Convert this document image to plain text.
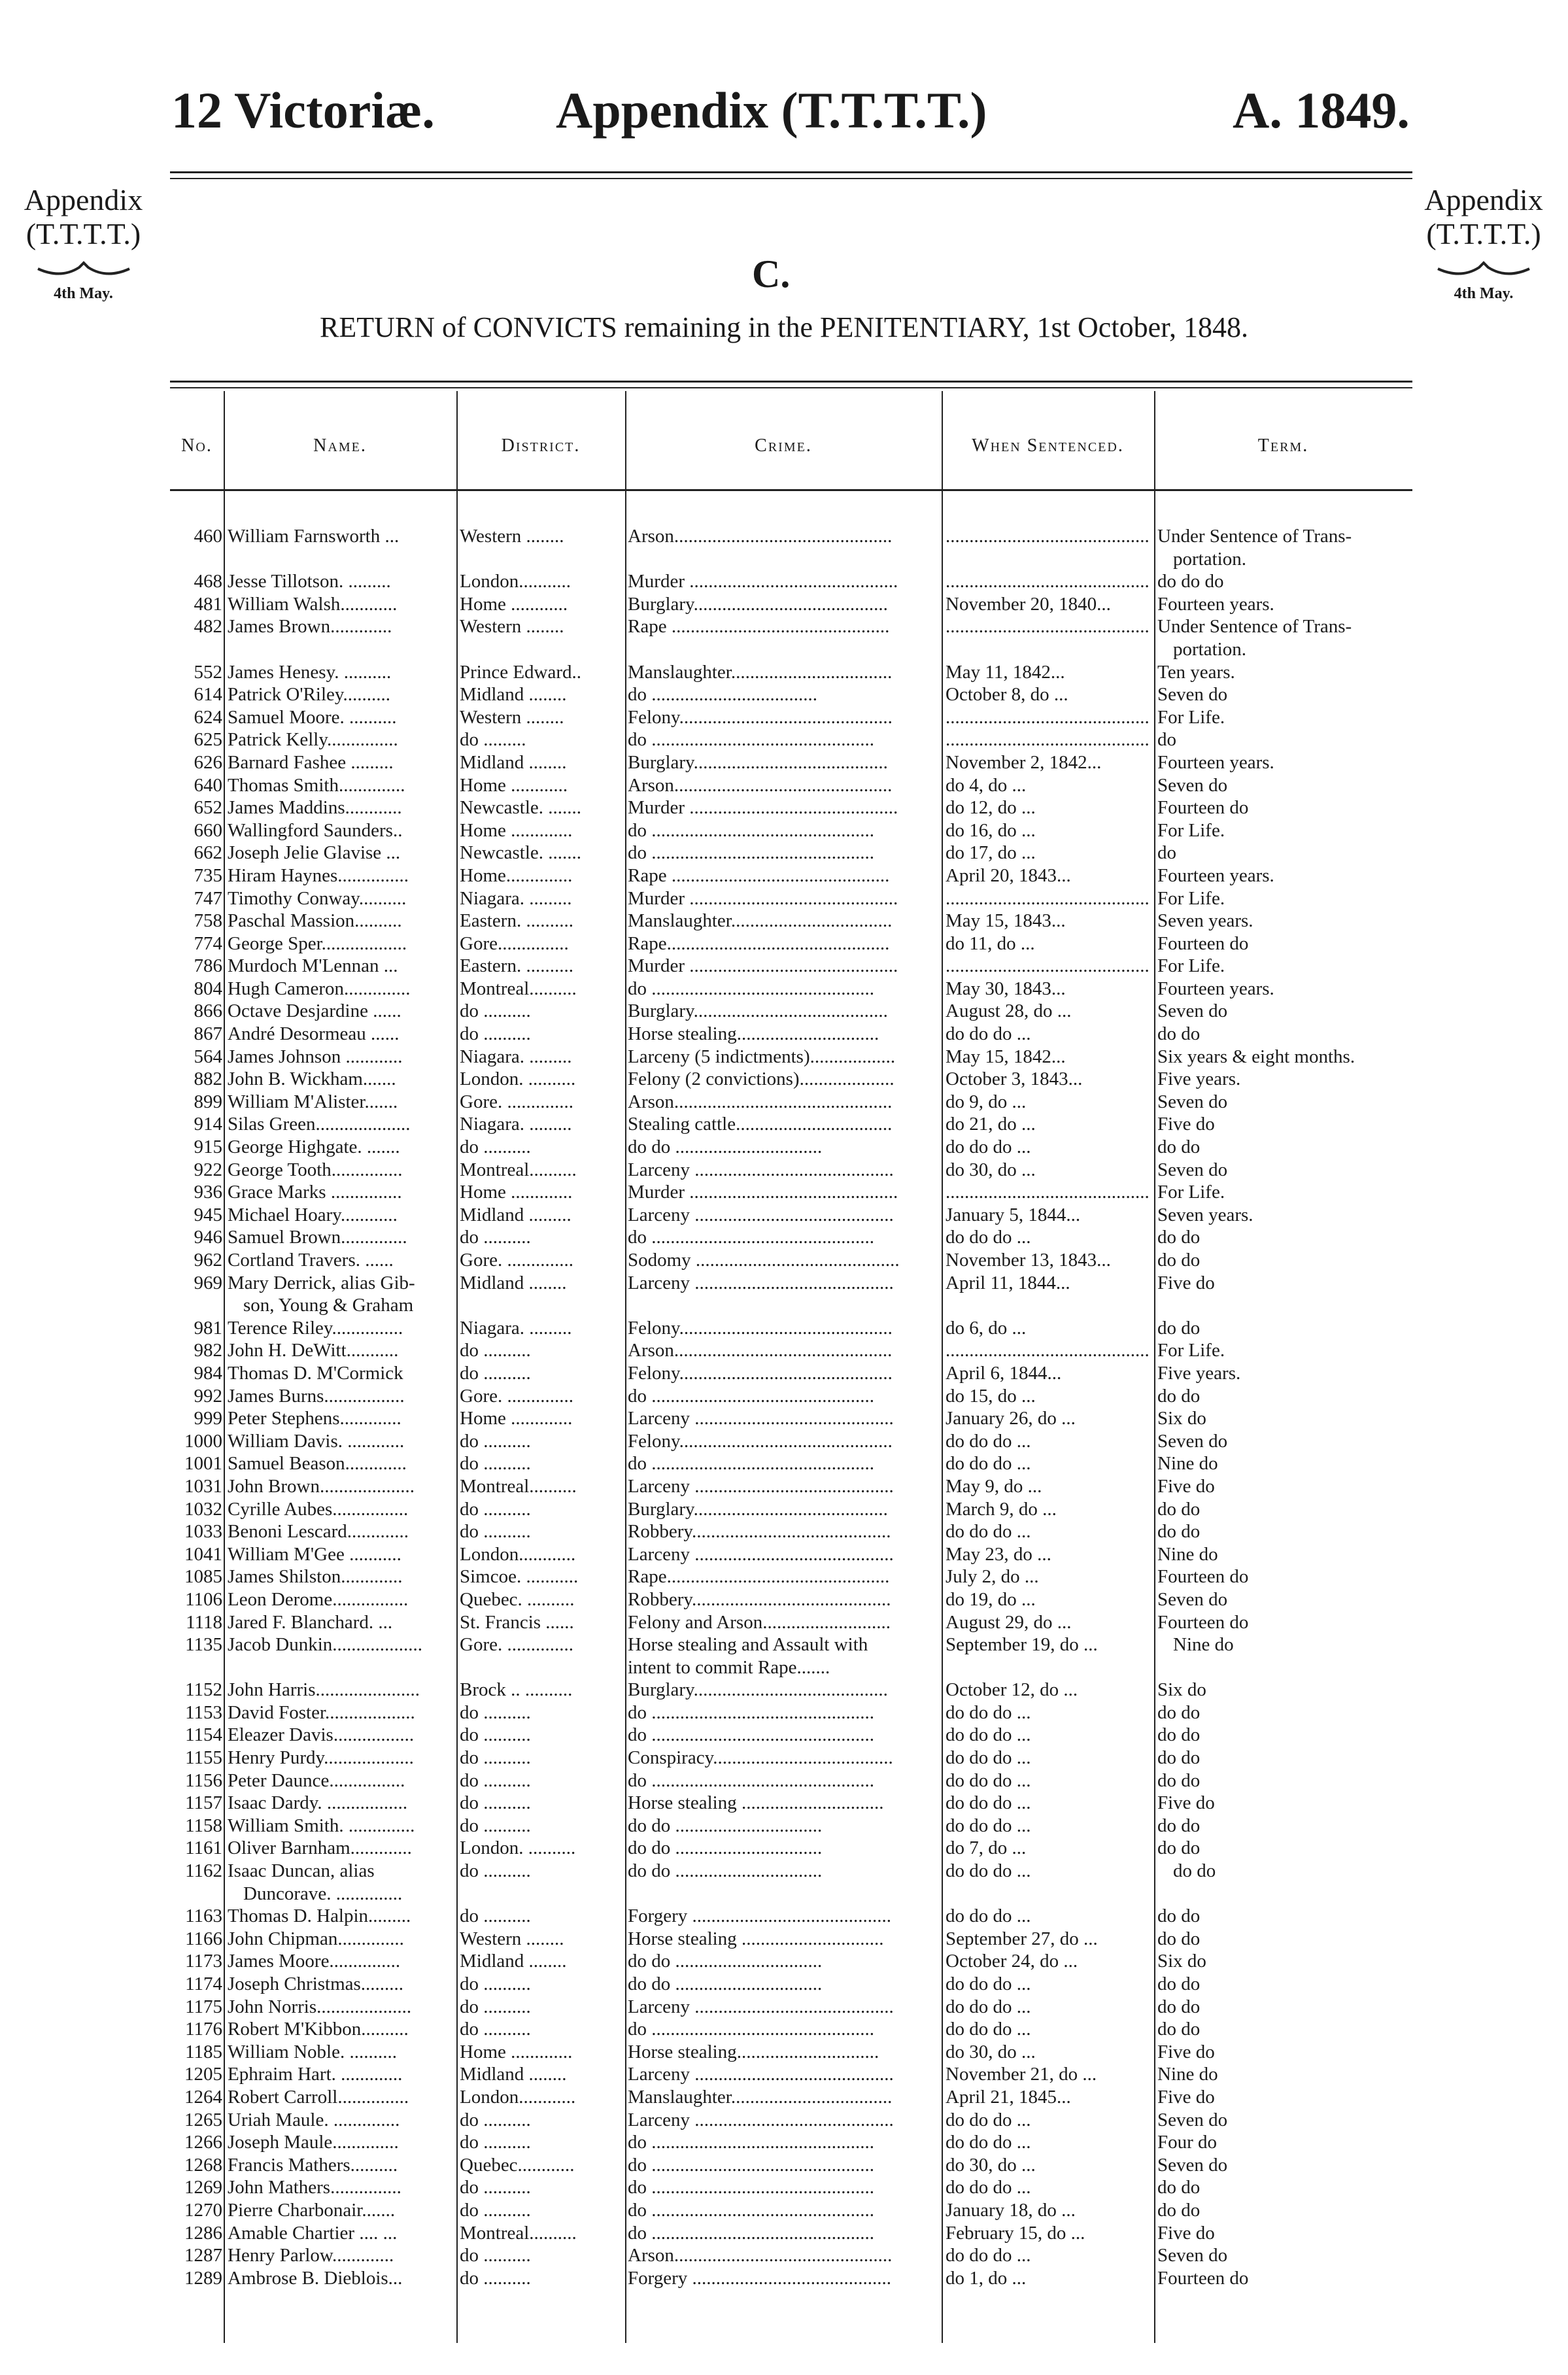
12 Victoriæ. Appendix (T.T.T.T.)	A. 1849.
Appendix
(T.T.T.T.)
4th May.
Appendix
(T.T.T.T.)
4th May.
C.
RETURN of CONVICTS remaining in the PENITENTIARY, 1st October, 1848.
No.	Name.	District.	Crime.	When Sentenced.	Term.
460 William Farnsworth ...	Western ........	Arson..............................................	........................................... Under Sentence of Trans-
portation.
468 Jesse Tillotson. .........	London...........	Murder ............................................	........................................... do do do
481 William Walsh............	Home ............	Burglary.........................................	November 20, 1840...	Fourteen years.
482 James Brown.............	Western ........	Rape ..............................................	........................................... Under Sentence of Trans-
portation.
552 James Henesy. ..........	Prince Edward..	Manslaughter..................................	May 11, 1842...	Ten years.
614 Patrick O'Riley..........	Midland ........	do ...................................	October 8, do ...	Seven do
624 Samuel Moore. ..........	Western ........	Felony.............................................	........................................... For Life.
625 Patrick Kelly...............	do .........	do ...............................................	........................................... do
626 Barnard Fashee .........	Midland ........	Burglary.........................................	November 2, 1842...	Fourteen years.
640 Thomas Smith..............	Home ............	Arson..............................................	do 4, do ...	Seven do
652 James Maddins............	Newcastle. .......	Murder ............................................	do 12, do ...	Fourteen do
660 Wallingford Saunders..	Home .............	do ...............................................	do 16, do ...	For Life.
662 Joseph Jelie Glavise ...	Newcastle. .......	do ...............................................	do 17, do ...	do
735 Hiram Haynes...............	Home..............	Rape ..............................................	April 20, 1843...	Fourteen years.
747 Timothy Conway..........	Niagara. .........	Murder ............................................	........................................... For Life.
758 Paschal Massion..........	Eastern. ..........	Manslaughter..................................	May 15, 1843...	Seven years.
774 George Sper..................	Gore...............	Rape...............................................	do 11, do ...	Fourteen do
786 Murdoch M'Lennan ...	Eastern. ..........	Murder ............................................	........................................... For Life.
804 Hugh Cameron..............	Montreal..........	do ...............................................	May 30, 1843...	Fourteen years.
866 Octave Desjardine ......	do ..........	Burglary.........................................	August 28, do ...	Seven do
867 André Desormeau ......	do ..........	Horse stealing..............................	do do do ...	do do
564 James Johnson ............	Niagara. .........	Larceny (5 indictments)..................	May 15, 1842...	Six years & eight months.
882 John B. Wickham.......	London. ..........	Felony (2 convictions)....................	October 3, 1843...	Five years.
899 William M'Alister.......	Gore. ..............	Arson..............................................	do 9, do ...	Seven do
914 Silas Green....................	Niagara. .........	Stealing cattle.................................	do 21, do ...	Five do
915 George Highgate. .......	do ..........	do do ...............................	do do do ...	do do
922 George Tooth...............	Montreal..........	Larceny ..........................................	do 30, do ...	Seven do
936 Grace Marks ...............	Home .............	Murder ............................................	........................................... For Life.
945 Michael Hoary............	Midland .........	Larceny ..........................................	January 5, 1844...	Seven years.
946 Samuel Brown..............	do ..........	do ...............................................	do do do ...	do do
962 Cortland Travers. ......	Gore. ..............	Sodomy ...........................................	November 13, 1843...	do do
969 Mary Derrick, alias Gib-
son, Young & Graham
Midland ........	Larceny ..........................................	April 11, 1844...	Five do
981 Terence Riley...............	Niagara. .........	Felony.............................................	do 6, do ...	do do
982 John H. DeWitt...........	do ..........	Arson..............................................	........................................... For Life.
984 Thomas D. M'Cormick	do ..........	Felony.............................................	April 6, 1844...	Five years.
992 James Burns.................	Gore. ..............	do ...............................................	do 15, do ...	do do
999 Peter Stephens.............	Home .............	Larceny ..........................................	January 26, do ...	Six do
1000 William Davis. ............	do ..........	Felony.............................................	do do do ...	Seven do
1001 Samuel Beason.............	do ..........	do ...............................................	do do do ...	Nine do
1031 John Brown....................	Montreal..........	Larceny ..........................................	May 9, do ...	Five do
1032 Cyrille Aubes................	do ..........	Burglary.........................................	March 9, do ...	do do
1033 Benoni Lescard.............	do ..........	Robbery..........................................	do do do ...	do do
1041 William M'Gee ...........	London............	Larceny ..........................................	May 23, do ...	Nine do
1085 James Shilston.............	Simcoe. ...........	Rape...............................................	July 2, do ...	Fourteen do
1106 Leon Derome................	Quebec. ..........	Robbery..........................................	do 19, do ...	Seven do
1118 Jared F. Blanchard. ...	St. Francis ......	Felony and Arson...........................	August 29, do ...	Fourteen do
1135 Jacob Dunkin...................	Gore. ..............	Horse stealing and Assault with
intent to commit Rape.......
September 19, do ...	Nine do
1152 John Harris......................	Brock .. ..........	Burglary.........................................	October 12, do ...	Six do
1153 David Foster...................	do ..........	do ...............................................	do do do ...	do do
1154 Eleazer Davis.................	do ..........	do ...............................................	do do do ...	do do
1155 Henry Purdy...................	do ..........	Conspiracy......................................	do do do ...	do do
1156 Peter Daunce................	do ..........	do ...............................................	do do do ...	do do
1157 Isaac Dardy. .................	do ..........	Horse stealing ..............................	do do do ...	Five do
1158 William Smith. ..............	do ..........	do do ...............................	do do do ...	do do
1161 Oliver Barnham.............	London. ..........	do do ...............................	do 7, do ...	do do
1162 Isaac Duncan, alias
Duncorave. ..............
do ..........	do do ...............................	do do do ...	do do
1163 Thomas D. Halpin.........	do ..........	Forgery ..........................................	do do do ...	do do
1166 John Chipman..............	Western ........	Horse stealing ..............................	September 27, do ...	do do
1173 James Moore...............	Midland ........	do do ...............................	October 24, do ...	Six do
1174 Joseph Christmas.........	do ..........	do do ...............................	do do do ...	do do
1175 John Norris....................	do ..........	Larceny ..........................................	do do do ...	do do
1176 Robert M'Kibbon..........	do ..........	do ...............................................	do do do ...	do do
1185 William Noble. ..........	Home .............	Horse stealing..............................	do 30, do ...	Five do
1205 Ephraim Hart. .............	Midland ........	Larceny ..........................................	November 21, do ...	Nine do
1264 Robert Carroll...............	London............	Manslaughter..................................	April 21, 1845...	Five do
1265 Uriah Maule. ..............	do ..........	Larceny ..........................................	do do do ...	Seven do
1266 Joseph Maule..............	do ..........	do ...............................................	do do do ...	Four do
1268 Francis Mathers..........	Quebec............	do ...............................................	do 30, do ...	Seven do
1269 John Mathers...............	do ..........	do ...............................................	do do do ...	do do
1270 Pierre Charbonair.......	do ..........	do ...............................................	January 18, do ...	do do
1286 Amable Chartier .... ...	Montreal..........	do ...............................................	February 15, do ...	Five do
1287 Henry Parlow.............	do ..........	Arson..............................................	do do do ...	Seven do
1289 Ambrose B. Dieblois...	do ..........	Forgery ..........................................	do 1, do ...	Fourteen do
